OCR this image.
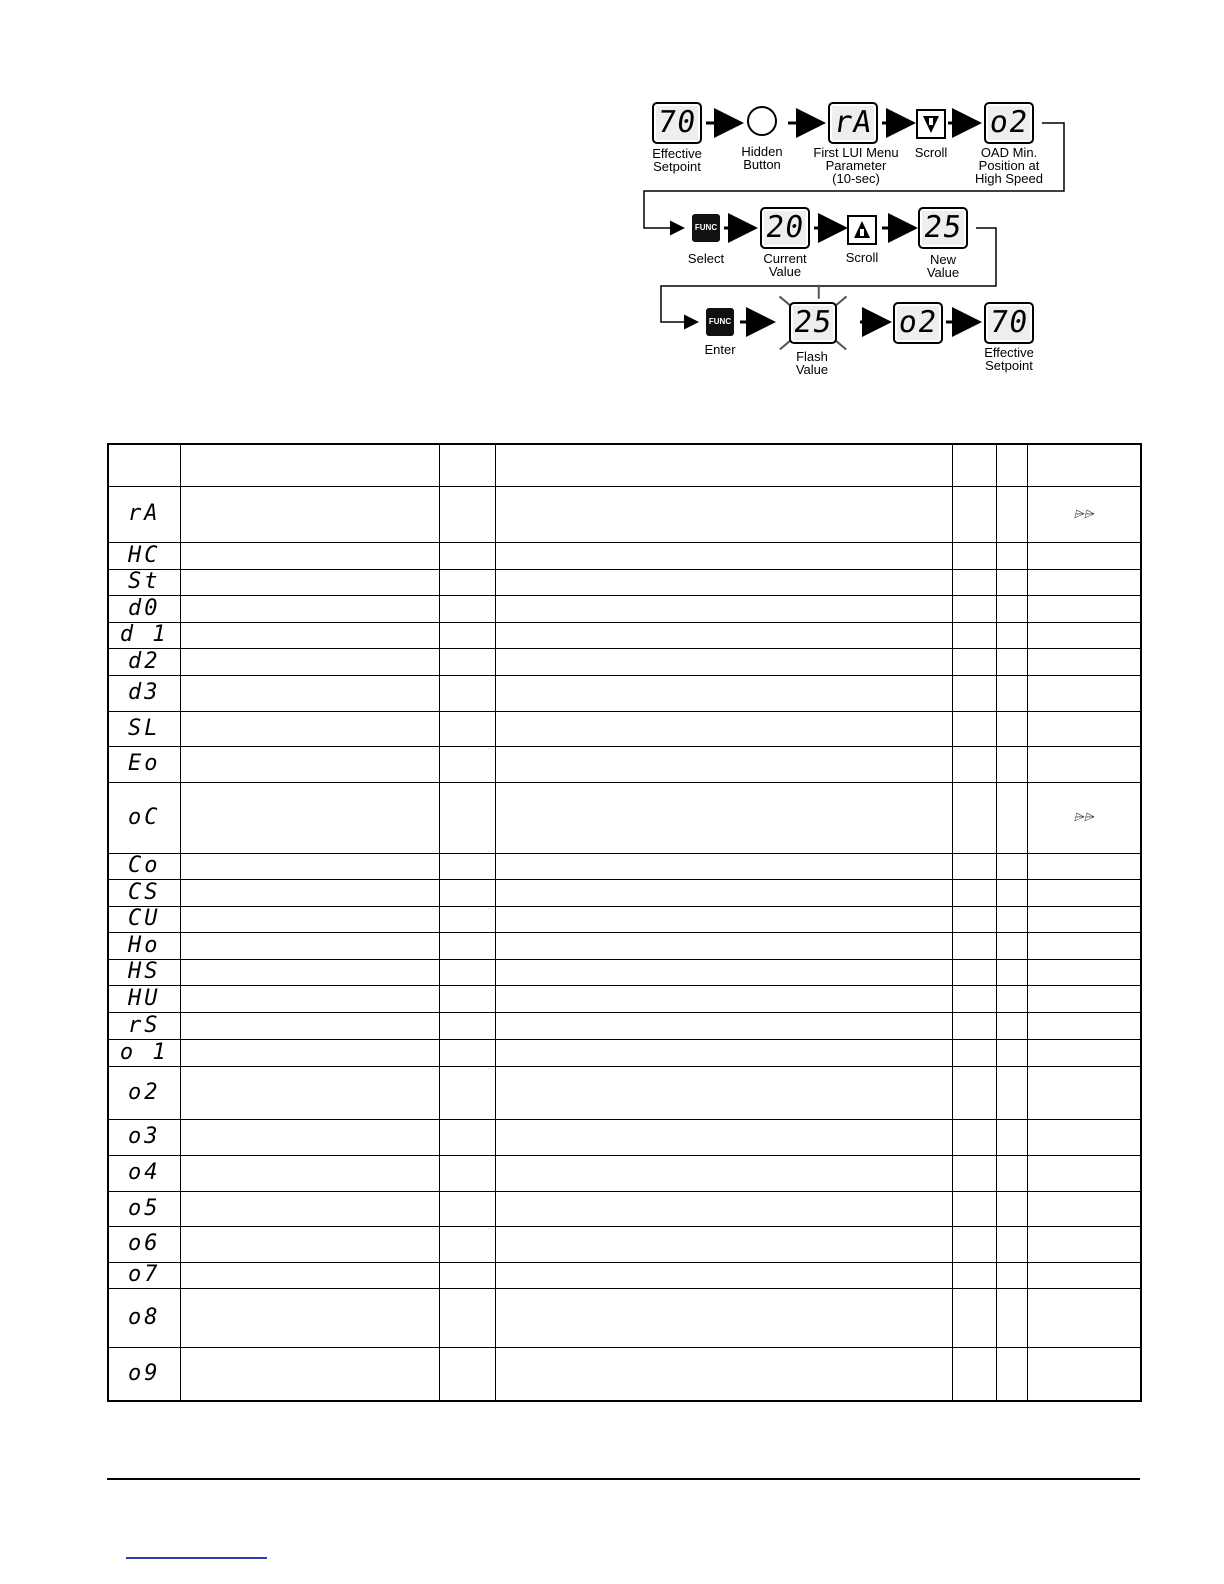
70
Effective
Setpoint
Hidden
Button
rA
First LUI Menu
Parameter
(10-sec)
Scroll
o2
OAD Min.
Position at
High Speed
FUNC
Select
20
Current
Value
Scroll
25
New
Value
FUNC
Enter
25
Flash
Value
o2 70
Effective
Setpoint

rA						⌲⌲
HC						
St						
d0						
d 1						
d2						
d3						
SL						
Eo						
oC						⌲⌲
Co						
CS						
CU						
Ho						
HS						
HU						
rS						
o 1						
o2						
o3						
o4						
o5						
o6						
o7						
o8						
o9						
